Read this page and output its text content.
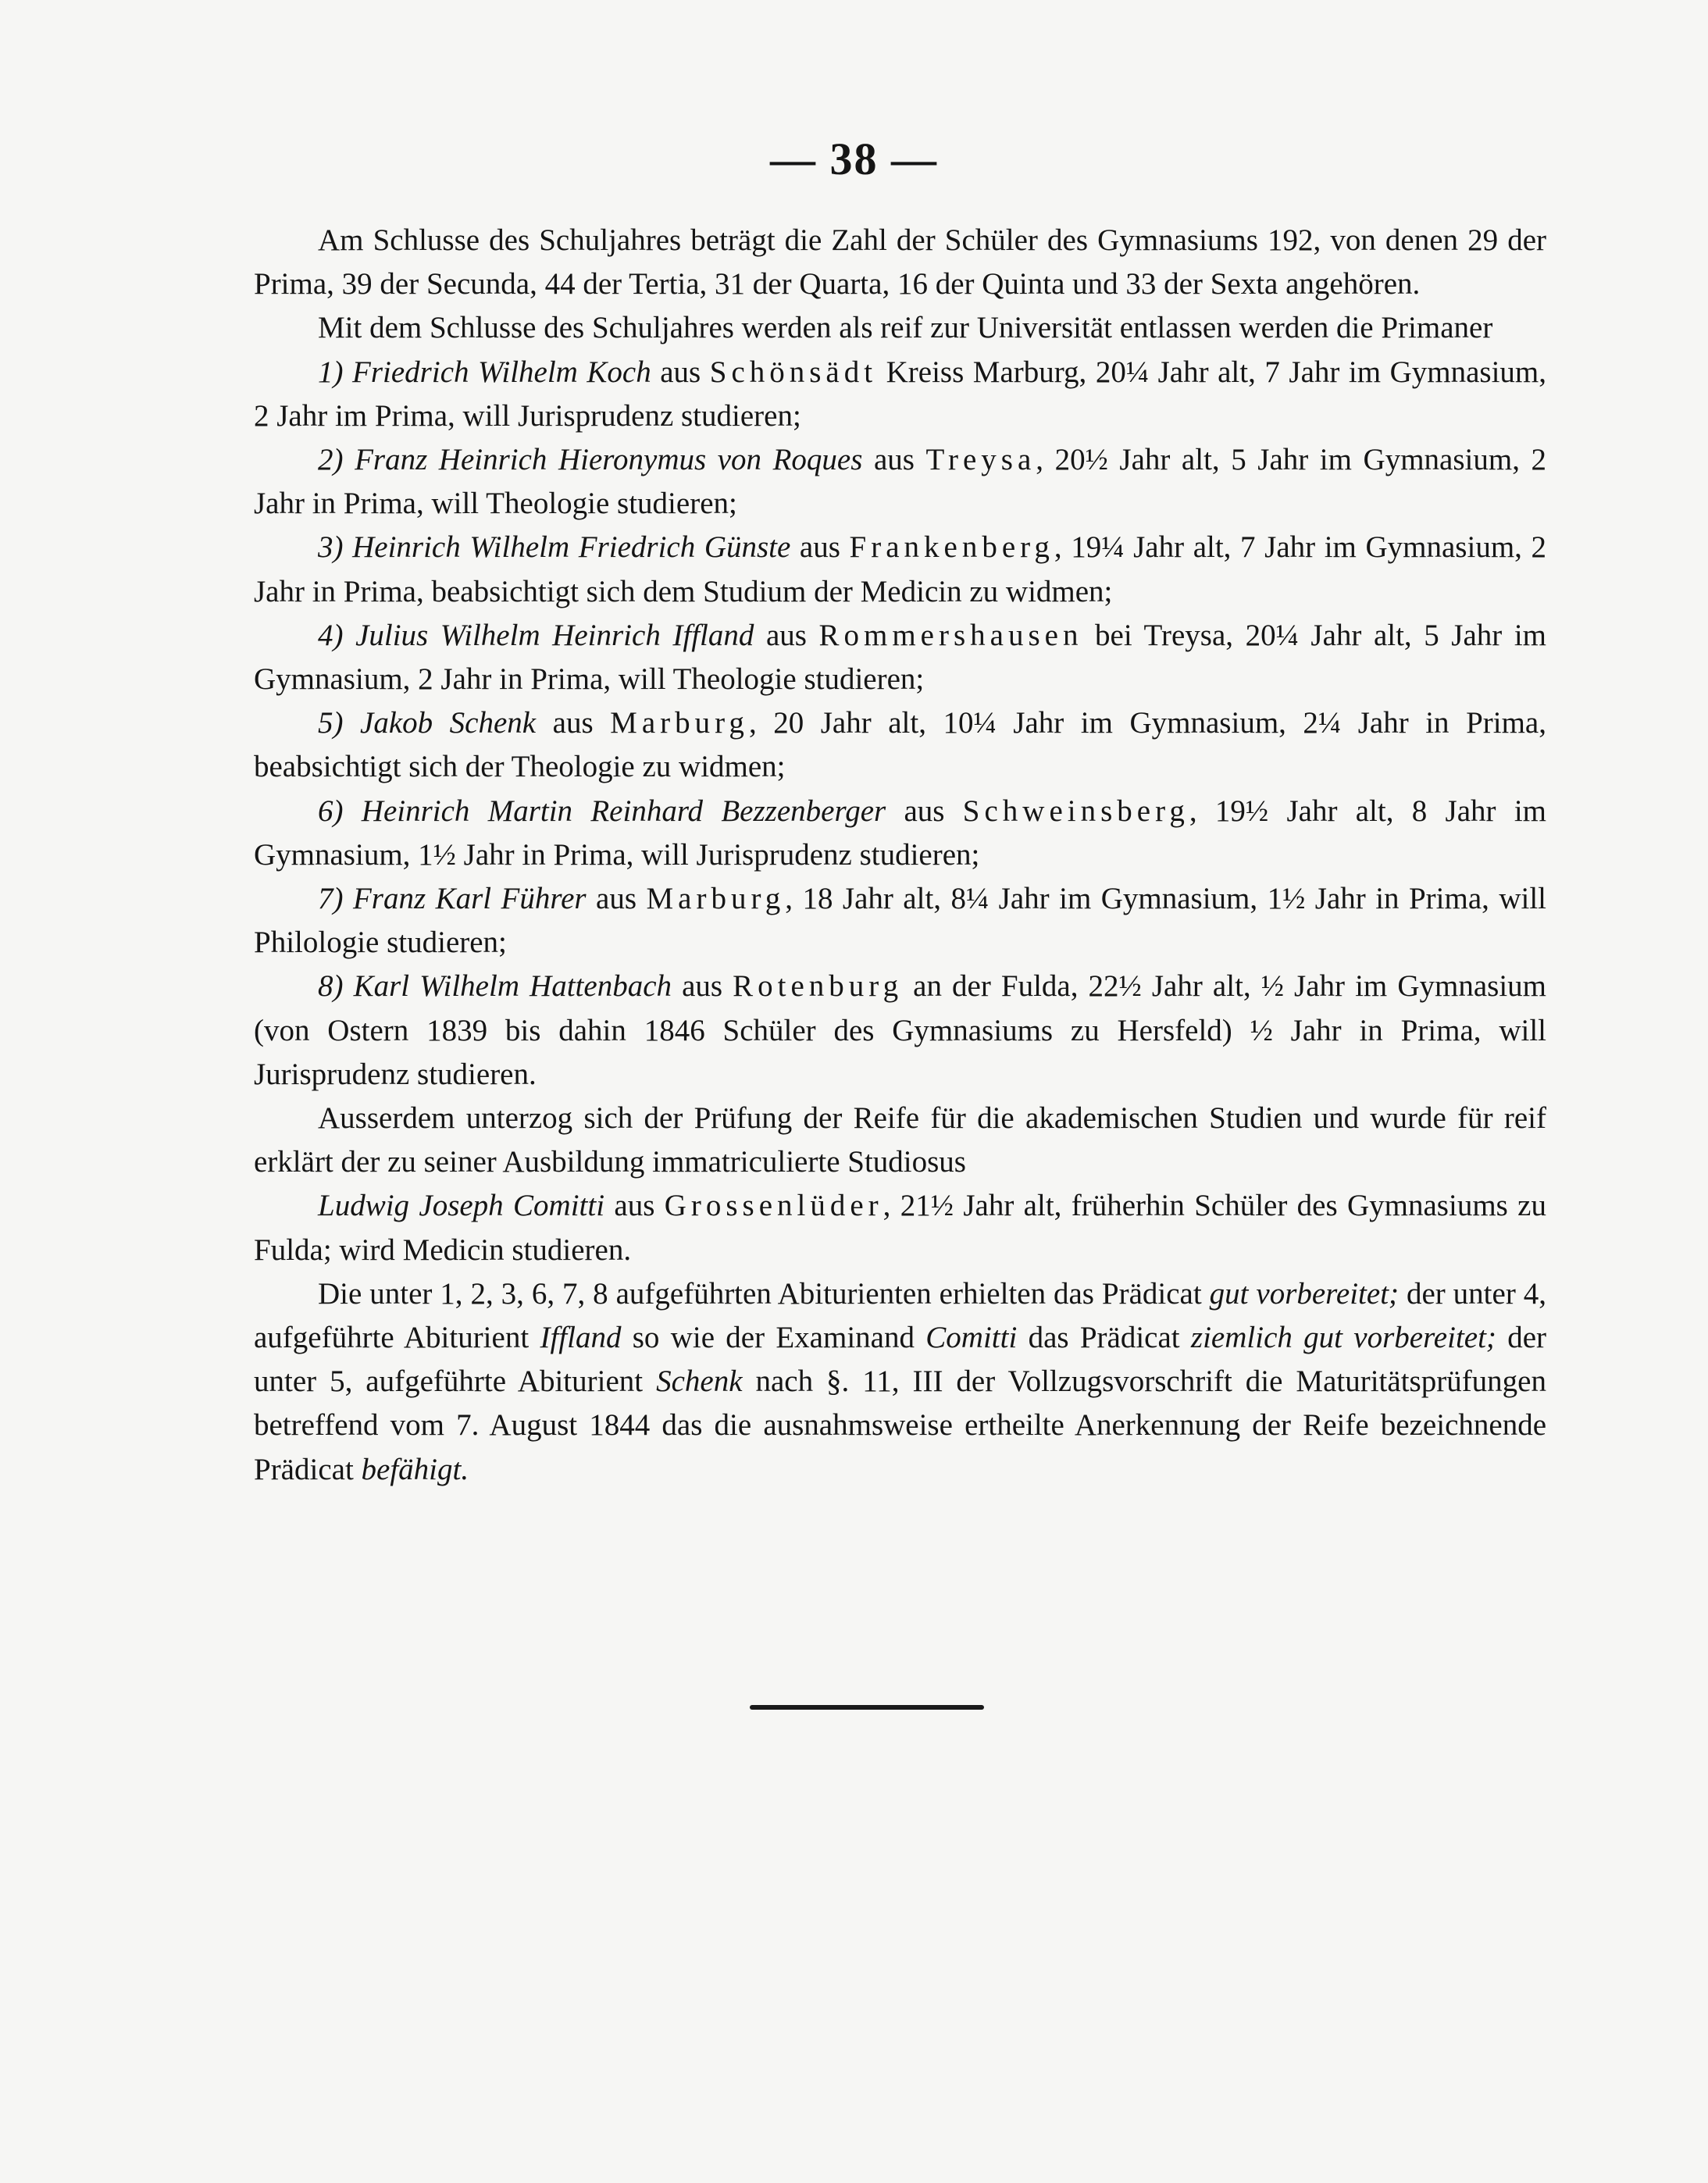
— 38 —

Am Schlusse des Schuljahres beträgt die Zahl der Schüler des Gymnasiums 192, von denen 29 der Prima, 39 der Secunda, 44 der Tertia, 31 der Quarta, 16 der Quinta und 33 der Sexta angehören.

Mit dem Schlusse des Schuljahres werden als reif zur Universität entlassen werden die Primaner

1) Friedrich Wilhelm Koch aus Schönsädt Kreiss Marburg, 20¼ Jahr alt, 7 Jahr im Gymnasium, 2 Jahr im Prima, will Jurisprudenz studieren;

2) Franz Heinrich Hieronymus von Roques aus Treysa, 20½ Jahr alt, 5 Jahr im Gymnasium, 2 Jahr in Prima, will Theologie studieren;

3) Heinrich Wilhelm Friedrich Günste aus Frankenberg, 19¼ Jahr alt, 7 Jahr im Gymnasium, 2 Jahr in Prima, beabsichtigt sich dem Studium der Medicin zu widmen;

4) Julius Wilhelm Heinrich Iffland aus Rommershausen bei Treysa, 20¼ Jahr alt, 5 Jahr im Gymnasium, 2 Jahr in Prima, will Theologie studieren;

5) Jakob Schenk aus Marburg, 20 Jahr alt, 10¼ Jahr im Gymnasium, 2¼ Jahr in Prima, beabsichtigt sich der Theologie zu widmen;

6) Heinrich Martin Reinhard Bezzenberger aus Schweinsberg, 19½ Jahr alt, 8 Jahr im Gymnasium, 1½ Jahr in Prima, will Jurisprudenz studieren;

7) Franz Karl Führer aus Marburg, 18 Jahr alt, 8¼ Jahr im Gymnasium, 1½ Jahr in Prima, will Philologie studieren;

8) Karl Wilhelm Hattenbach aus Rotenburg an der Fulda, 22½ Jahr alt, ½ Jahr im Gymnasium (von Ostern 1839 bis dahin 1846 Schüler des Gymnasiums zu Hersfeld) ½ Jahr in Prima, will Jurisprudenz studieren.

Ausserdem unterzog sich der Prüfung der Reife für die akademischen Studien und wurde für reif erklärt der zu seiner Ausbildung immatriculierte Studiosus

Ludwig Joseph Comitti aus Grossenlüder, 21½ Jahr alt, früherhin Schüler des Gymnasiums zu Fulda; wird Medicin studieren.

Die unter 1, 2, 3, 6, 7, 8 aufgeführten Abiturienten erhielten das Prädicat gut vorbereitet; der unter 4, aufgeführte Abiturient Iffland so wie der Examinand Comitti das Prädicat ziemlich gut vorbereitet; der unter 5, aufgeführte Abiturient Schenk nach §. 11, III der Vollzugsvorschrift die Maturitätsprüfungen betreffend vom 7. August 1844 das die ausnahmsweise ertheilte Anerkennung der Reife bezeichnende Prädicat befähigt.
